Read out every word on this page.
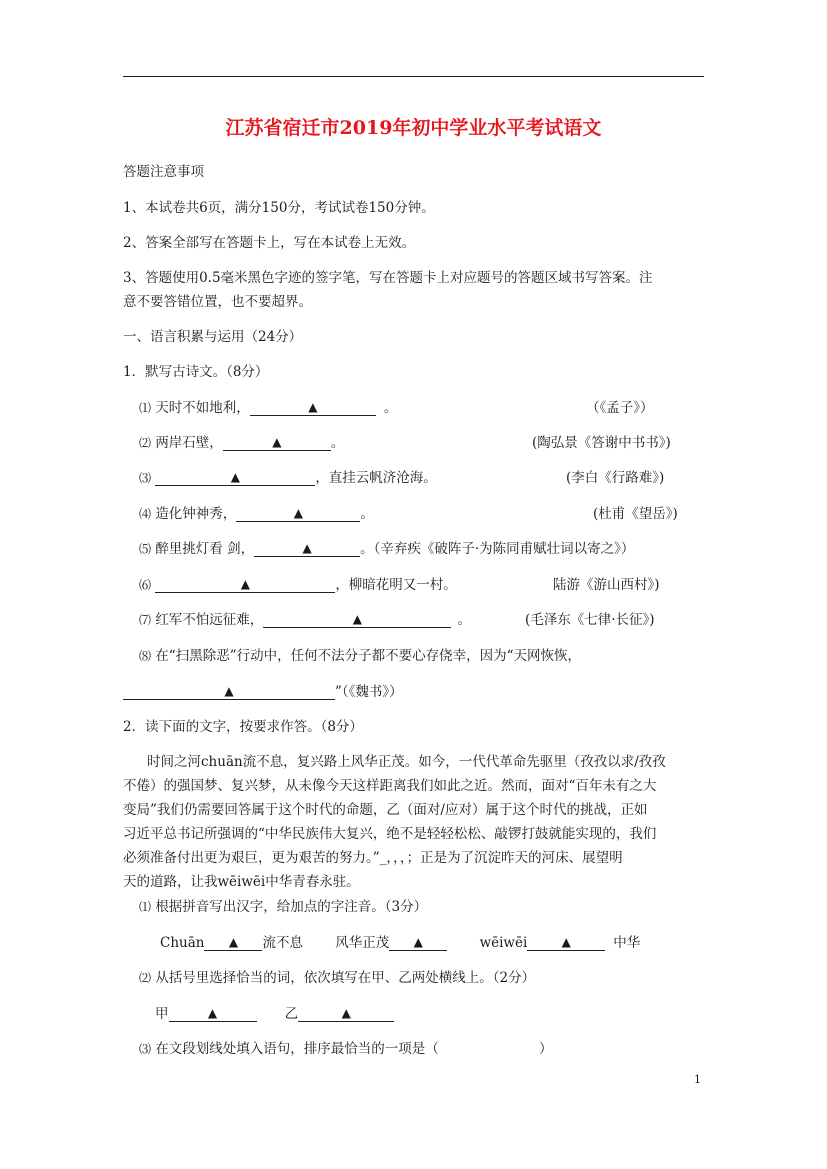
江苏省宿迁市2019年初中学业水平考试语文
答题注意事项
1、本试卷共6页，满分150分，考试试卷150分钟。
2、答案全部写在答题卡上，写在本试卷上无效。
3、答题使用0.5毫米黑色字迹的签字笔，写在答题卡上对应题号的答题区域书写答案。注
意不要答错位置，也不要超界。
一、语言积累与运用（24分）
1．默写古诗文。（8分）
⑴ 天时不如地利，	▲	。	（《孟子》）
⑵ 两岸石壁，	▲	。	(陶弘景《答谢中书书》)
⑶	▲	，直挂云帆济沧海。	(李白《行路难》)
⑷ 造化钟神秀，	▲	。	(杜甫《望岳》)
⑸ 醉里挑灯看 剑，	▲	。（辛弃疾《破阵子·为陈同甫赋壮词以寄之》）
⑹	▲	，柳暗花明又一村。	陆游《游山西村》)
⑺ 红军不怕远征难，	▲	。	(毛泽东《七律·长征》)
⑻ 在“扫黑除恶”行动中，任何不法分子都不要心存侥幸，因为“天网恢恢，
▲	”（《魏书》）
2．读下面的文字，按要求作答。（8分）
时间之河chuān流不息，复兴路上风华正茂。如今，一代代革命先驱里（孜孜以求/孜孜
不倦）的强国梦、复兴梦，从未像今天这样距离我们如此之近。然而，面对“百年未有之大
变局”我们仍需要回答属于这个时代的命题，乙（面对/应对）属于这个时代的挑战，正如
习近平总书记所强调的“中华民族伟大复兴，绝不是轻轻松松、敲锣打鼓就能实现的，我们
必须准备付出更为艰巨，更为艰苦的努力。”_，，，；正是为了沉淀昨天的河床、展望明
天的道路，让我wēiwēi中华青春永驻。
⑴ 根据拼音写出汉字，给加点的字注音。（3分）
Chuān ▲ 流不息 风华正茂 ▲	wēiwēi	▲	中华
⑵ 从括号里选择恰当的词，依次填写在甲、乙两处横线上。（2分）
甲	▲	乙	▲
⑶ 在文段划线处填入语句，排序最恰当的一项是（	）
1
